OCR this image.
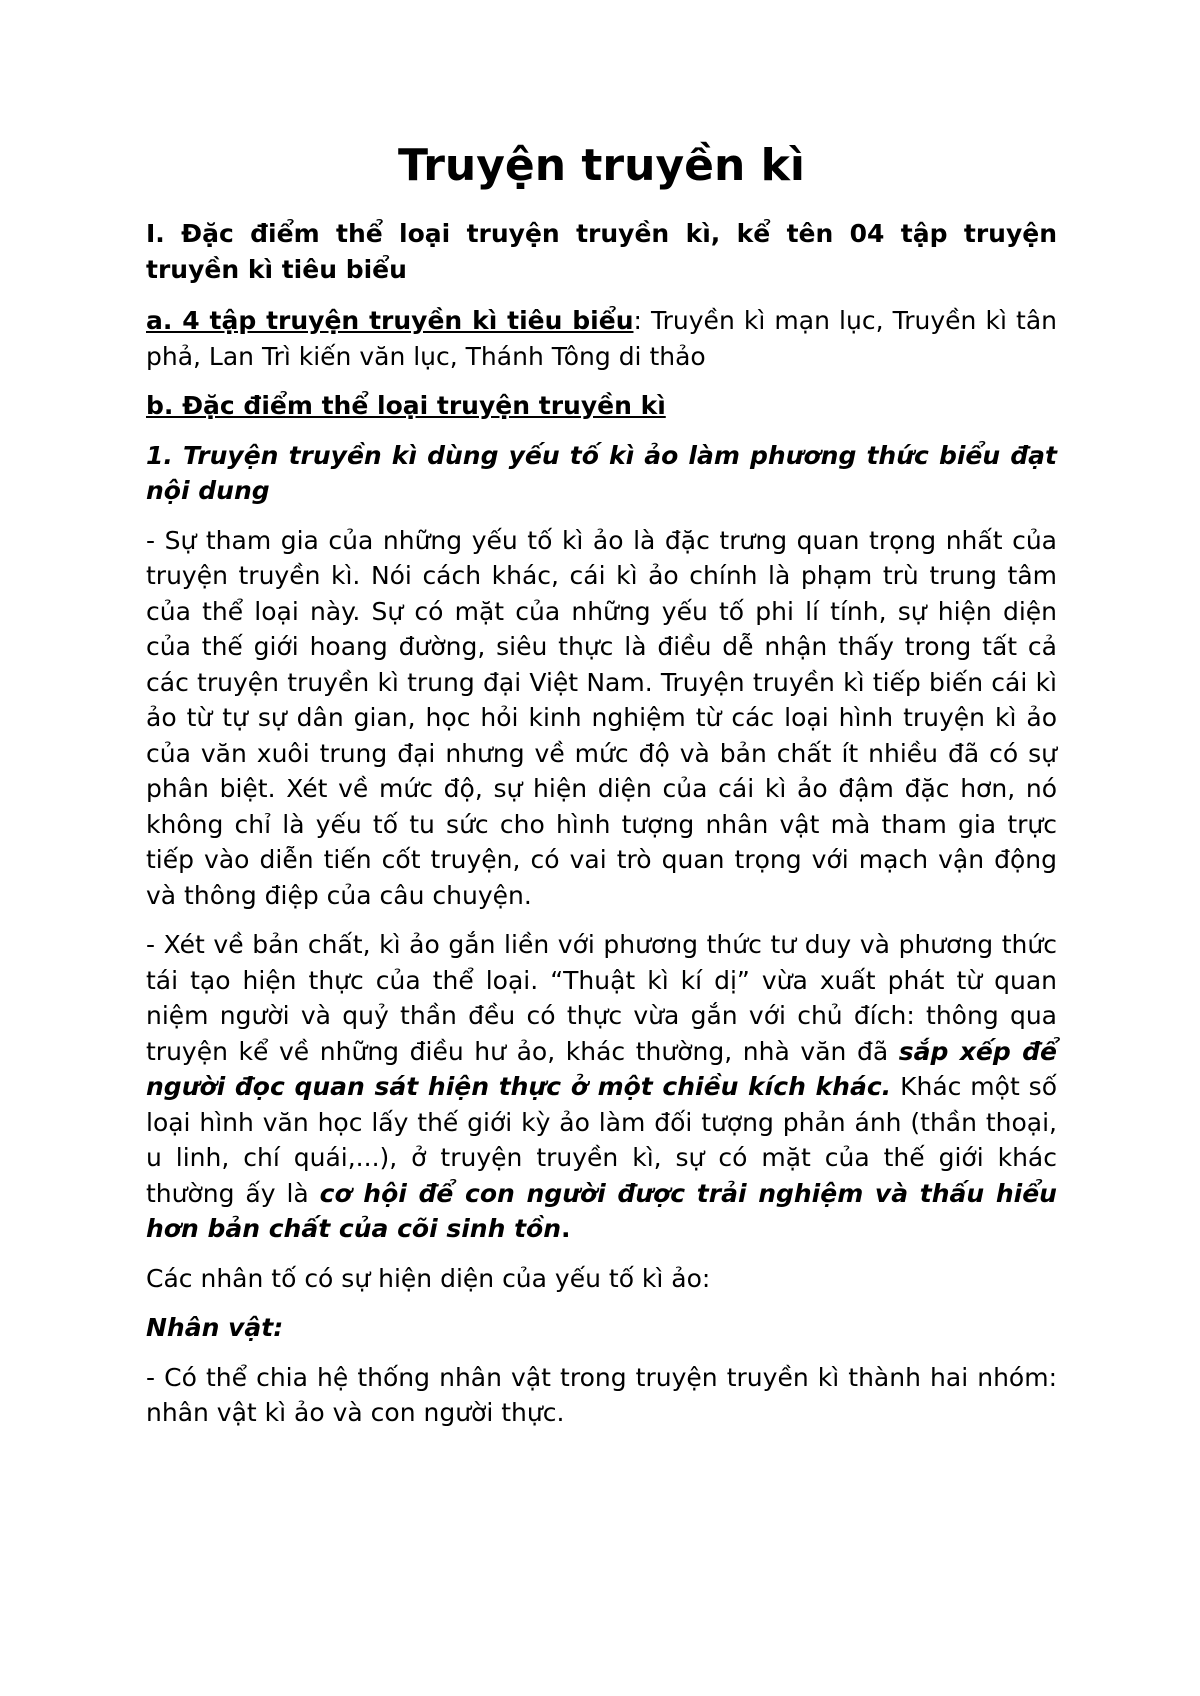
Truyện truyền kì

I. Đặc điểm thể loại truyện truyền kì, kể tên 04 tập truyện truyền kì tiêu biểu

a. 4 tập truyện truyền kì tiêu biểu: Truyền kì mạn lục, Truyền kì tân phả, Lan Trì kiến văn lục, Thánh Tông di thảo

b. Đặc điểm thể loại truyện truyền kì

1. Truyện truyền kì dùng yếu tố kì ảo làm phương thức biểu đạt nội dung

- Sự tham gia của những yếu tố kì ảo là đặc trưng quan trọng nhất của truyện truyền kì. Nói cách khác, cái kì ảo chính là phạm trù trung tâm của thể loại này. Sự có mặt của những yếu tố phi lí tính, sự hiện diện của thế giới hoang đường, siêu thực là điều dễ nhận thấy trong tất cả các truyện truyền kì trung đại Việt Nam. Truyện truyền kì tiếp biến cái kì ảo từ tự sự dân gian, học hỏi kinh nghiệm từ các loại hình truyện kì ảo của văn xuôi trung đại nhưng về mức độ và bản chất ít nhiều đã có sự phân biệt. Xét về mức độ, sự hiện diện của cái kì ảo đậm đặc hơn, nó không chỉ là yếu tố tu sức cho hình tượng nhân vật mà tham gia trực tiếp vào diễn tiến cốt truyện, có vai trò quan trọng với mạch vận động và thông điệp của câu chuyện.

- Xét về bản chất, kì ảo gắn liền với phương thức tư duy và phương thức tái tạo hiện thực của thể loại. “Thuật kì kí dị” vừa xuất phát từ quan niệm người và quỷ thần đều có thực vừa gắn với chủ đích: thông qua truyện kể về những điều hư ảo, khác thường, nhà văn đã sắp xếp để người đọc quan sát hiện thực ở một chiều kích khác. Khác một số loại hình văn học lấy thế giới kỳ ảo làm đối tượng phản ánh (thần thoại, u linh, chí quái,...), ở truyện truyền kì, sự có mặt của thế giới khác thường ấy là cơ hội để con người được trải nghiệm và thấu hiểu hơn bản chất của cõi sinh tồn.

Các nhân tố có sự hiện diện của yếu tố kì ảo:

Nhân vật:

- Có thể chia hệ thống nhân vật trong truyện truyền kì thành hai nhóm: nhân vật kì ảo và con người thực.
